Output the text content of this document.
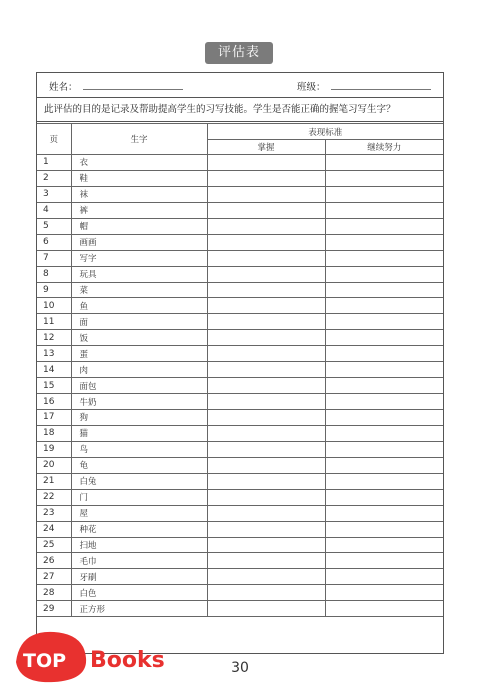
评估表
姓名：	班级：
此评估的目的是记录及帮助提高学生的习写技能。学生是否能正确的握笔习写生字？
页	生字	表现标准	
		掌握	继续努力
1	衣		
2	鞋		
3	袜		
4	裤		
5	帽		
6	画画		
7	写字		
8	玩具		
9	菜		
10	鱼		
11	面		
12	饭		
13	蛋		
14	肉		
15	面包		
16	牛奶		
17	狗		
18	猫		
19	鸟		
20	龟		
21	白兔		
22	门		
23	屋		
24	种花		
25	扫地		
26	毛巾		
27	牙刷		
28	白色		
29	正方形		
30
TOP Books
